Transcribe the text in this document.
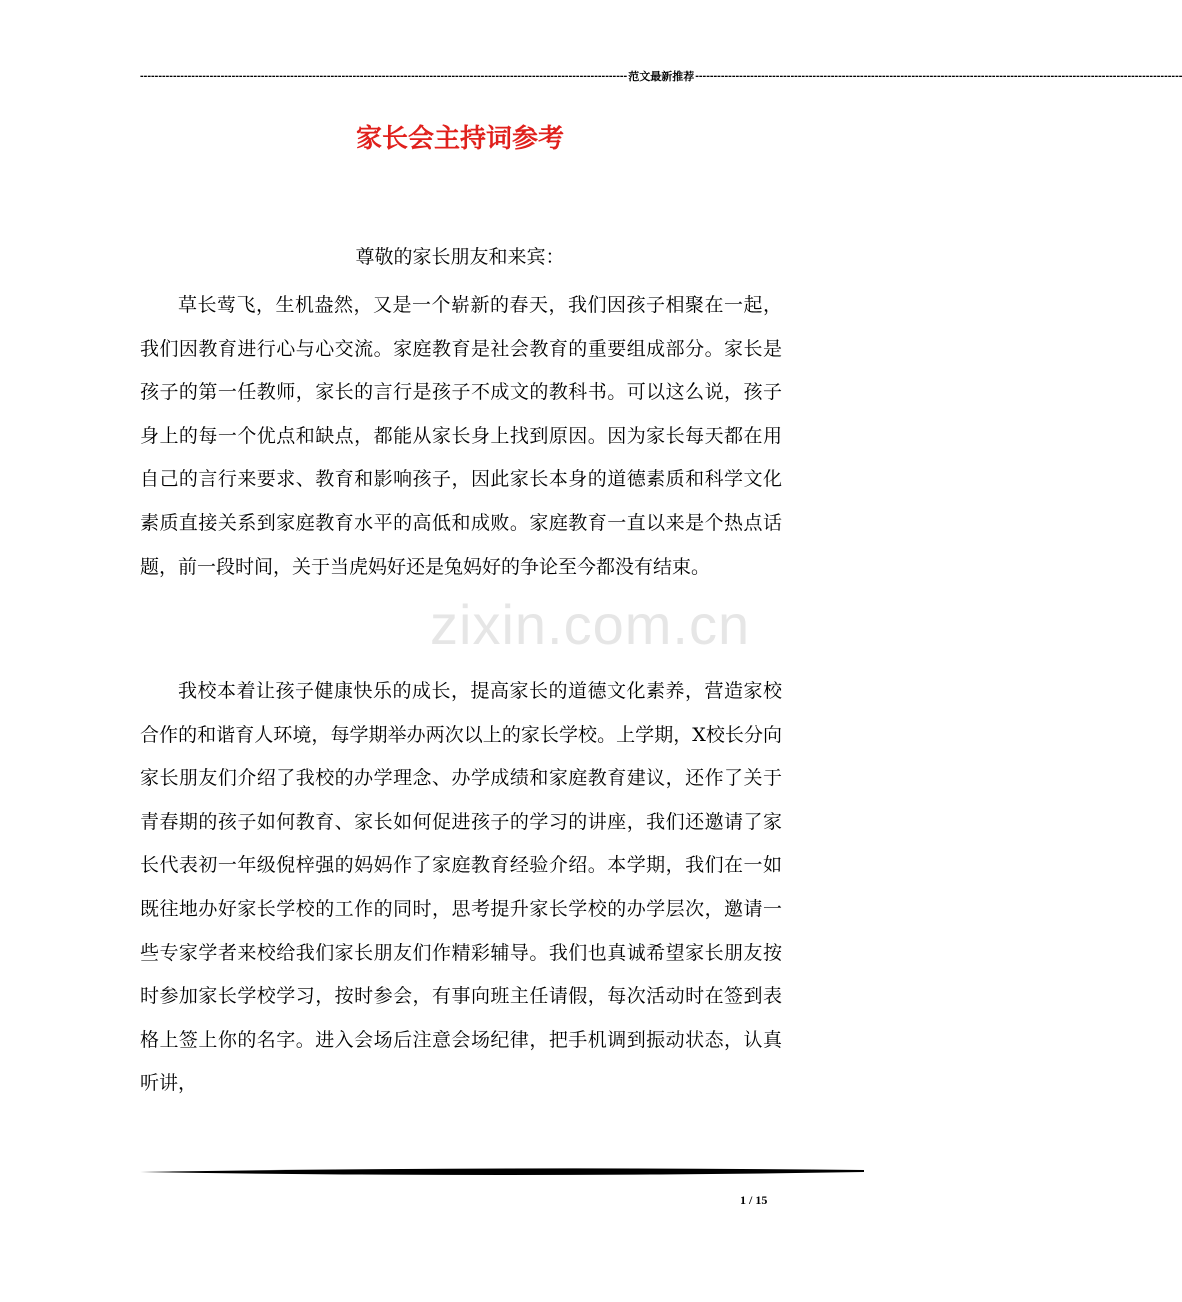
------------------------------------------------------------------------------------------------------------------------------------- 范文最新推荐 -------------------------------------------------------------------------------------------------------------------------------------
家长会主持词参考
尊敬的家长朋友和来宾：
zixin.com.cn

草长莺飞，生机盎然，又是一个崭新的春天，我们因孩子相聚在一起，我们因教育进行心与心交流。家庭教育是社会教育的重要组成部分。家长是孩子的第一任教师，家长的言行是孩子不成文的教科书。可以这么说，孩子身上的每一个优点和缺点，都能从家长身上找到原因。因为家长每天都在用自己的言行来要求、教育和影响孩子，因此家长本身的道德素质和科学文化素质直接关系到家庭教育水平的高低和成败。家庭教育一直以来是个热点话题，前一段时间，关于当虎妈好还是兔妈好的争论至今都没有结束。

我校本着让孩子健康快乐的成长，提高家长的道德文化素养，营造家校合作的和谐育人环境，每学期举办两次以上的家长学校。上学期，X校长分向家长朋友们介绍了我校的办学理念、办学成绩和家庭教育建议，还作了关于青春期的孩子如何教育、家长如何促进孩子的学习的讲座，我们还邀请了家长代表初一年级倪梓强的妈妈作了家庭教育经验介绍。本学期，我们在一如既往地办好家长学校的工作的同时，思考提升家长学校的办学层次，邀请一些专家学者来校给我们家长朋友们作精彩辅导。我们也真诚希望家长朋友按时参加家长学校学习，按时参会，有事向班主任请假，每次活动时在签到表格上签上你的名字。进入会场后注意会场纪律，把手机调到振动状态，认真听讲，

1 / 15
